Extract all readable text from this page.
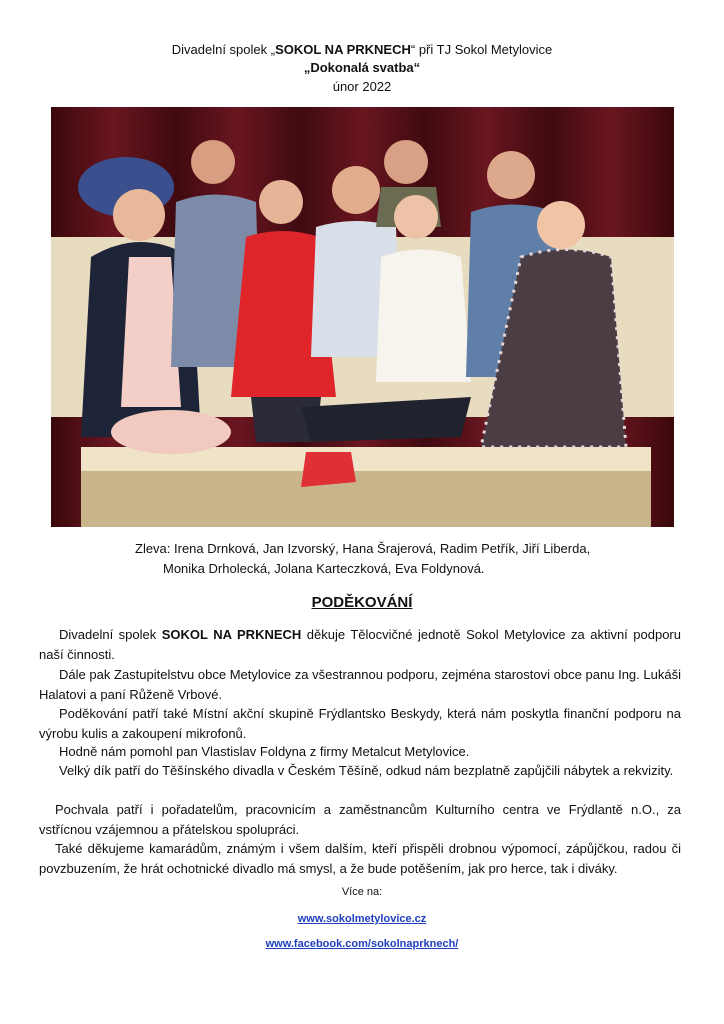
Divadelní spolek „SOKOL NA PRKNECH“ při TJ Sokol Metylovice
„Dokonalá svatba“
únor 2022
Zleva: Irena Drnková, Jan Izvorský, Hana Šrajerová, Radim Petřík, Jiří Liberda,
Monika Drholecká, Jolana Karteczková, Eva Foldynová.
PODĚKOVÁNÍ
Divadelní spolek SOKOL NA PRKNECH děkuje Tělocvičné jednotě Sokol Metylovice za aktivní podporu naší činnosti.
Dále pak Zastupitelstvu obce Metylovice za všestrannou podporu, zejména starostovi obce panu Ing. Lukáši Halatovi a paní Růženě Vrbové.
Poděkování patří také Místní akční skupině Frýdlantsko Beskydy, která nám poskytla finanční podporu na výrobu kulis a zakoupení mikrofonů.
Hodně nám pomohl pan Vlastislav Foldyna z firmy Metalcut Metylovice.
Velký dík patří do Těšínského divadla v Českém Těšíně, odkud nám bezplatně zapůjčili nábytek a rekvizity.
Pochvala patří i pořadatelům, pracovnicím a zaměstnancům Kulturního centra ve Frýdlantě n.O., za vstřícnou vzájemnou a přátelskou spolupráci.
Také děkujeme kamarádům, známým i všem dalším, kteří přispěli drobnou výpomocí, zápůjčkou, radou či povzbuzením, že hrát ochotnické divadlo má smysl, a že bude potěšením, jak pro herce, tak i diváky.
Více na:
www.sokolmetylovice.cz
www.facebook.com/sokolnaprknech/
